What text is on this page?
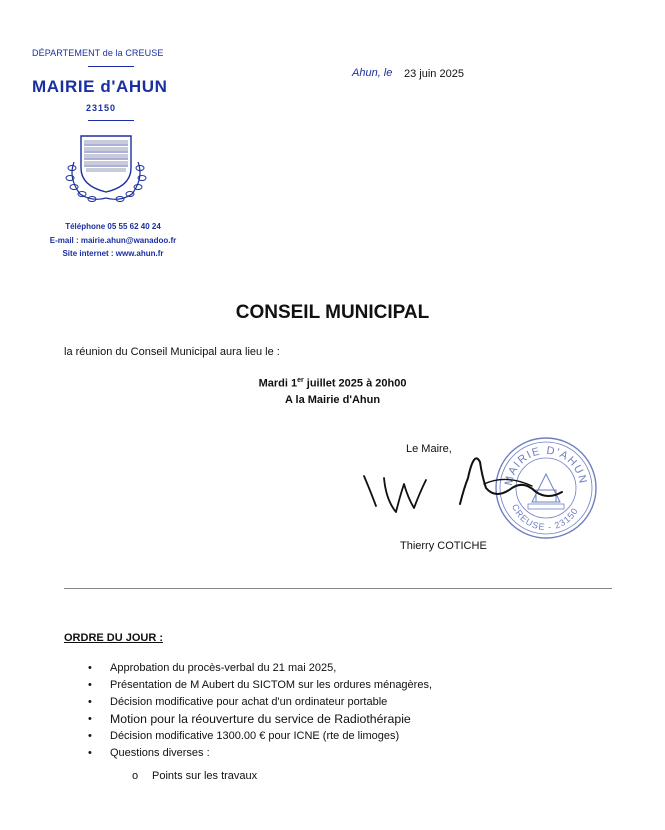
DÉPARTEMENT de la CREUSE
MAIRIE d'AHUN
23150
Téléphone 05 55 62 40 24
E-mail : mairie.ahun@wanadoo.fr
Site internet : www.ahun.fr
Ahun, le 23 juin 2025
CONSEIL MUNICIPAL
la réunion du Conseil Municipal aura lieu le :
Mardi 1er juillet 2025 à 20h00
A la Mairie d'Ahun
Le Maire,
MAIRIE D'AHUN
CREUSE - 23150
Thierry COTICHE
ORDRE DU JOUR :
• Approbation du procès-verbal du 21 mai 2025,
• Présentation de M Aubert du SICTOM sur les ordures ménagères,
• Décision modificative pour achat d'un ordinateur portable
• Motion pour la réouverture du service de Radiothérapie
• Décision modificative 1300.00 € pour ICNE (rte de limoges)
• Questions diverses :
o Points sur les travaux
